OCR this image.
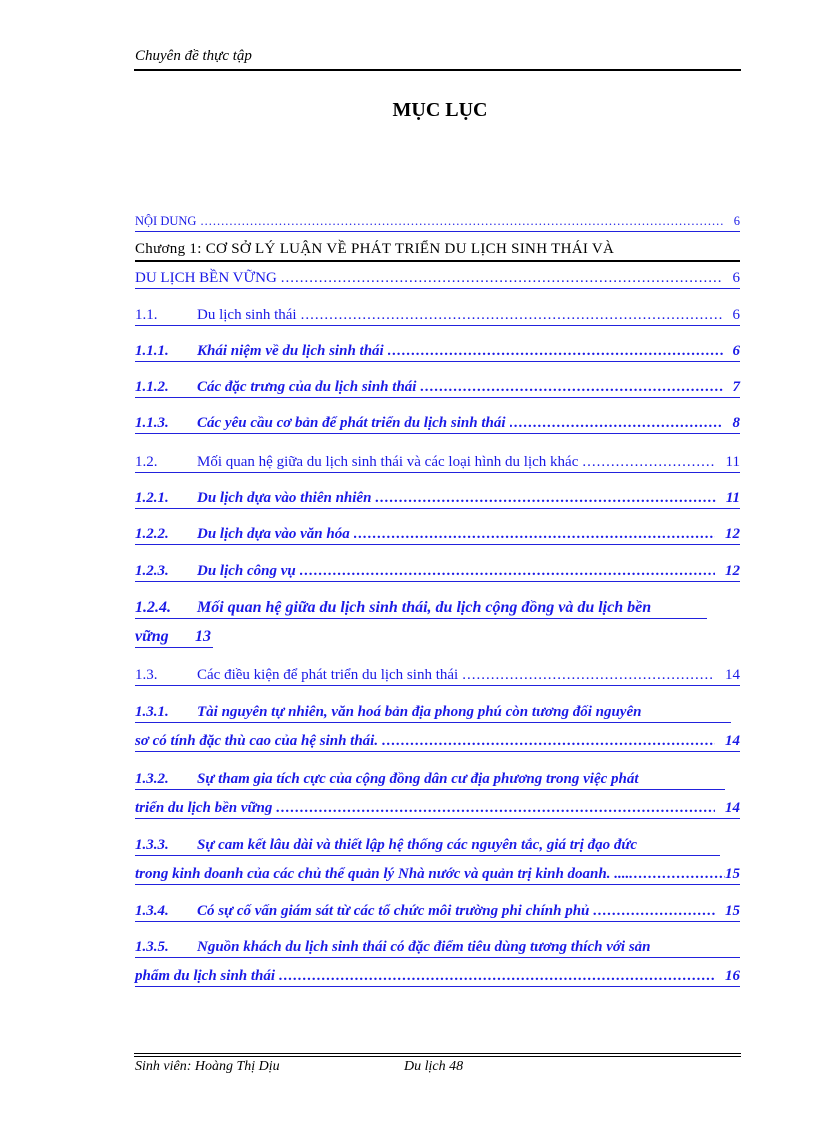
Chuyên đề thực tập
MỤC LỤC
NỘI DUNG .....	6
Chương 1: CƠ SỞ LÝ LUẬN VỀ PHÁT TRIỂN DU LỊCH SINH THÁI VÀ
DU LỊCH BỀN VỮNG .....	6
1.1.	Du lịch sinh thái .....	6
1.1.1.	Khái niệm về du lịch sinh thái .....	6
1.1.2.	Các đặc trưng của du lịch sinh thái .....	7
1.1.3.	Các yêu cầu cơ bản để phát triển du lịch sinh thái .....	8
1.2.	Mối quan hệ giữa du lịch sinh thái và các loại hình du lịch khác .....	11
1.2.1.	Du lịch dựa vào thiên nhiên .....	11
1.2.2.	Du lịch dựa vào văn hóa .....	12
1.2.3.	Du lịch công vụ .....	12
1.2.4.	Mối quan hệ giữa du lịch sinh thái, du lịch cộng đồng và du lịch bền
vững 13
1.3.	Các điều kiện để phát triển du lịch sinh thái .....	14
1.3.1.	Tài nguyên tự nhiên, văn hoá bản địa phong phú còn tương đối nguyên
sơ có tính đặc thù cao của hệ sinh thái. .....	14
1.3.2.	Sự tham gia tích cực của cộng đồng dân cư địa phương trong việc phát
triển du lịch bền vững .....	14
1.3.3.	Sự cam kết lâu dài và thiết lập hệ thống các nguyên tắc, giá trị đạo đức
trong kinh doanh của các chủ thể quản lý Nhà nước và quản trị kinh doanh. .... .....	15
1.3.4.	Có sự cố vấn giám sát từ các tổ chức môi trường phi chính phủ .....	15
1.3.5.	Nguồn khách du lịch sinh thái có đặc điểm tiêu dùng tương thích với sản
phẩm du lịch sinh thái .....	16
Sinh viên: Hoàng Thị Dịu	Du lịch 48
